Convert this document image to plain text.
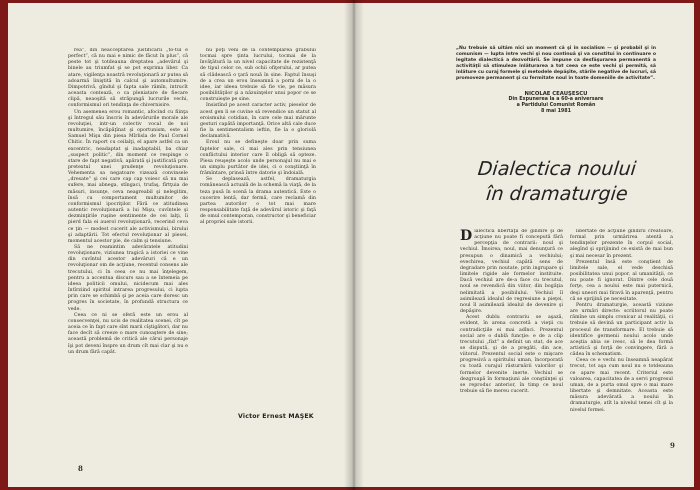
rea”, din neacceptarea justificării „to-tul e perfect”, că nu mai e nimic de făcut în plus”, că peste tot şi totdeauna dreptatea „adevărul şi binele au triumfat şi se pot exprima liber. Ca atare, vigilenţa noastră revoluţionară ar putea să adoarmă liniştită în calcul şi automultumire. Dimpotrivă, gîndul şi fapta sale rămîn, intrucît aceasta contează, o ca pleniatare de fiecare clipă, neaoşită să străpungă lucrurile vechi, conformismul ori tendinţa de chivernisire.

Un asemenea erou romantic, afocind cu fiinţa şi întregul său înscris în adevărurile morale ale revoluţiei, intr-un colectiv vocal de noi multumire, încăpăţînat şi oportunism, este al Samuel Mişu din piesa Mîrlisla de Paul Cornel Chitic. În raport cu ceilalţi, el apare astfel ca un excentric, neadaptat şi inadaptabil, ba chiar „suspect politic”, din moment ce respinge o stare de fapt negativă, apărată şi justificată prin pretextul unei prudenţe revoluţionare. Vehementa sa negatoare vizează convinsele „dresate” şi cei care cap cap voiesc să nu mai sufere, mai abnega, stîngaci, trufaş, fîrtţuia de măsuri, insunţe, ceva neagreabil şi nelegitim, însă cu comportament multumitor de conformismul ipocriţilor. Fără ce atitudinea autentic revoluţionară a lui Mişu, cuvîntele şi dezminţirile ruşine sentimente de cei lalţi, îi pierd fala ei auerol revoluţionară, recerind ceva ce ţin — modest cucerit ale activismului, birului şi adaptării. Tot efectul revoluţionar al piesei, momentul acestor pie, de calm şi tensiune.

Să ne reamintim adevăratele atitudini revoluţionare, viziunea tragică a istoriei ce vine din cuvîntul acestor adevăruri că e un revoluţionar om de acţiune, recentul consens ale trecutului, ci în ceea ce nu mai înţelegem, pentru a accentua discurs sau a se întemeia pe ideea politicii omului, nicidecum mai ales întîrziind spiritul intrarea progresului, ci lupta prin care se schimbă şi pe aceia care doresc un progres în societate, în profundă structura ce vede.

Ceea ce ni se oferă este un erou al consecvenţei, nu ucis de realitatea scenei, cît pe aceia ce în fapt care sînt marii cîştigători, dar nu face decît să creeze o mare cunoaştere de sine; această problemă de critică ale cărui personaje îşi pot deveni înspre un drum cît mai clar şi nu e un drum fără capăt.

nu poţi veni de la contemplarea grabului tocmai spre ţinta lucrului, tocmai de la învăţătură la un nivel capacitate de rezistenţă de tipul celor ce, sub ochii ofiţerului, ar putea să clădească o ţară nouă în sine. Faptul însuşi de a crea un erou înseamnă a porni de la o idee, iar ideea trebuie să fie vie, pe măsura posibilităţilor şi a năzuinţelor unui popor ce se construieşte pe sine.

Insistînd pe acest caracter activ, pieselor de acest gen li se cuvine să revendice un statut al eroismului cotidian, în care cele mai mărunte gesturi capătă importanţă. Orice altă cale duce fie la sentimentalism ieftin, fie la o gloriolă declamativă.

Eroul nu se defineşte doar prin suma faptelor sale, ci mai ales prin tensiunea conflictului interior care îl obligă să opteze. Piesa reuşeşte acolo unde personajul nu mai e un simplu purtător de idei, ci o conştiinţă în frămîntare, prinsă între datorie şi îndoială.

Se deplasează, astfel, dramaturgia românească actuală de la schemă la viaţă, de la teza pusă în scenă la drama autentică. Este o cucerire lentă, dar fermă, care reclamă din partea autorilor o tot mai mare responsabilitate faţă de adevărul istoric şi faţă de omul contemporan, constructor şi beneficiar al propriei sale istorii.

Victor Ernest MAŞEK
8

„Nu trebuie să uităm nici un moment că şi în socialism — şi probabil şi în comunism — lupta între vechi şi nou continuă şi va constitui în continuare o legitate dialectică a dezvoltării. Se impune ca desfăşurarea permanentă a activităţii să stimuleze înlăturarea a tot ceea ce este vechi şi permită, să înlăture cu curaj formele şi metodele depăşite, stările negative de lucruri, să promoveze permanent şi cu fermitate noul în toate domeniile de activitate”.

NICOLAE CEAUŞESCU
Din Expunerea la a 60-a aniversare
a Partidului Comunist Român
8 mai 1981
Dialectica noului
în dramaturgie

Dialectica libertăţii de gîndire şi de acţiune nu poate fi concepută fără percepţia de contrarii: noul şi vechiul. Îmoirea, noul, mai denunţură ce presupun o dinamică a vechiului; evechirea, vechiul capătă sens de degradare prin noutate, prin ingrupare şi limitele rigide ale formelor instituite. Dacă vechiul are de-a face cu trecutul, noul se revendică din viitor, din bogăţia nelimitată a posibilului. Vechiul îl asimilează idealul de regresiune a pieţei, noul îl asimilează idealul de devenire şi depăşire.

Acest dublu contrariu se aşază, evident, în arena concretă a vieţii cu contradicţiile ei mai adînci. Prezentul social are o dublă funcţie: e de a clip trecutului „fixt” a definit un stat, de ace se dispută, şi de a pregăti, din ace, viitorul. Prezentul social este o mişcare progresivă a spiritului uman, încorporată cu toată curajul răsturnării valorilor şi formelor devenite inerte. Vechiul se dezgroapă în formaţiuni ale conştiinţei şi se reproduc anterior, în timp ce noul trebuie să fie mereu cucerit.

libertate de acţiune gîndirii creatoare, formal prin urmărirea atentă a tendinţelor prezente în corpul social, alegînd şi sprijinind ce există de mai bun şi mai necesar în prezent.

Prezentul însă este conştient de limitele sale, el vede deschisă posibilitatea unui popor, al umanităţii, ce nu poate fi ignorat. Dintre cele două forţe, cea a noului este mai puternică, deşi uneori mai firavă în aparenţă, pentru că se sprijină pe necesitate.

Pentru dramaturgie, această viziune are urmări directe: scriitorul nu poate rămîne un simplu cronicar al realităţii, ci trebuie să devină un participant activ la procesul de transformare. El trebuie să identifice germenii noului acolo unde aceştia abia se ivesc, să le dea formă artistică şi forţă de convingere, fără a cădea în schematism.

Ceea ce e vechi nu înseamnă neapărat trecut, tot aşa cum noul nu e totdeauna ce apare mai recent. Criteriul este valoarea, capacitatea de a servi progresul uman, de a purta omul spre o mai mare libertate şi demnitate. Aceasta este măsura adevărată a noului în dramaturgie, atît la nivelul temei cît şi la nivelul formei.

9
